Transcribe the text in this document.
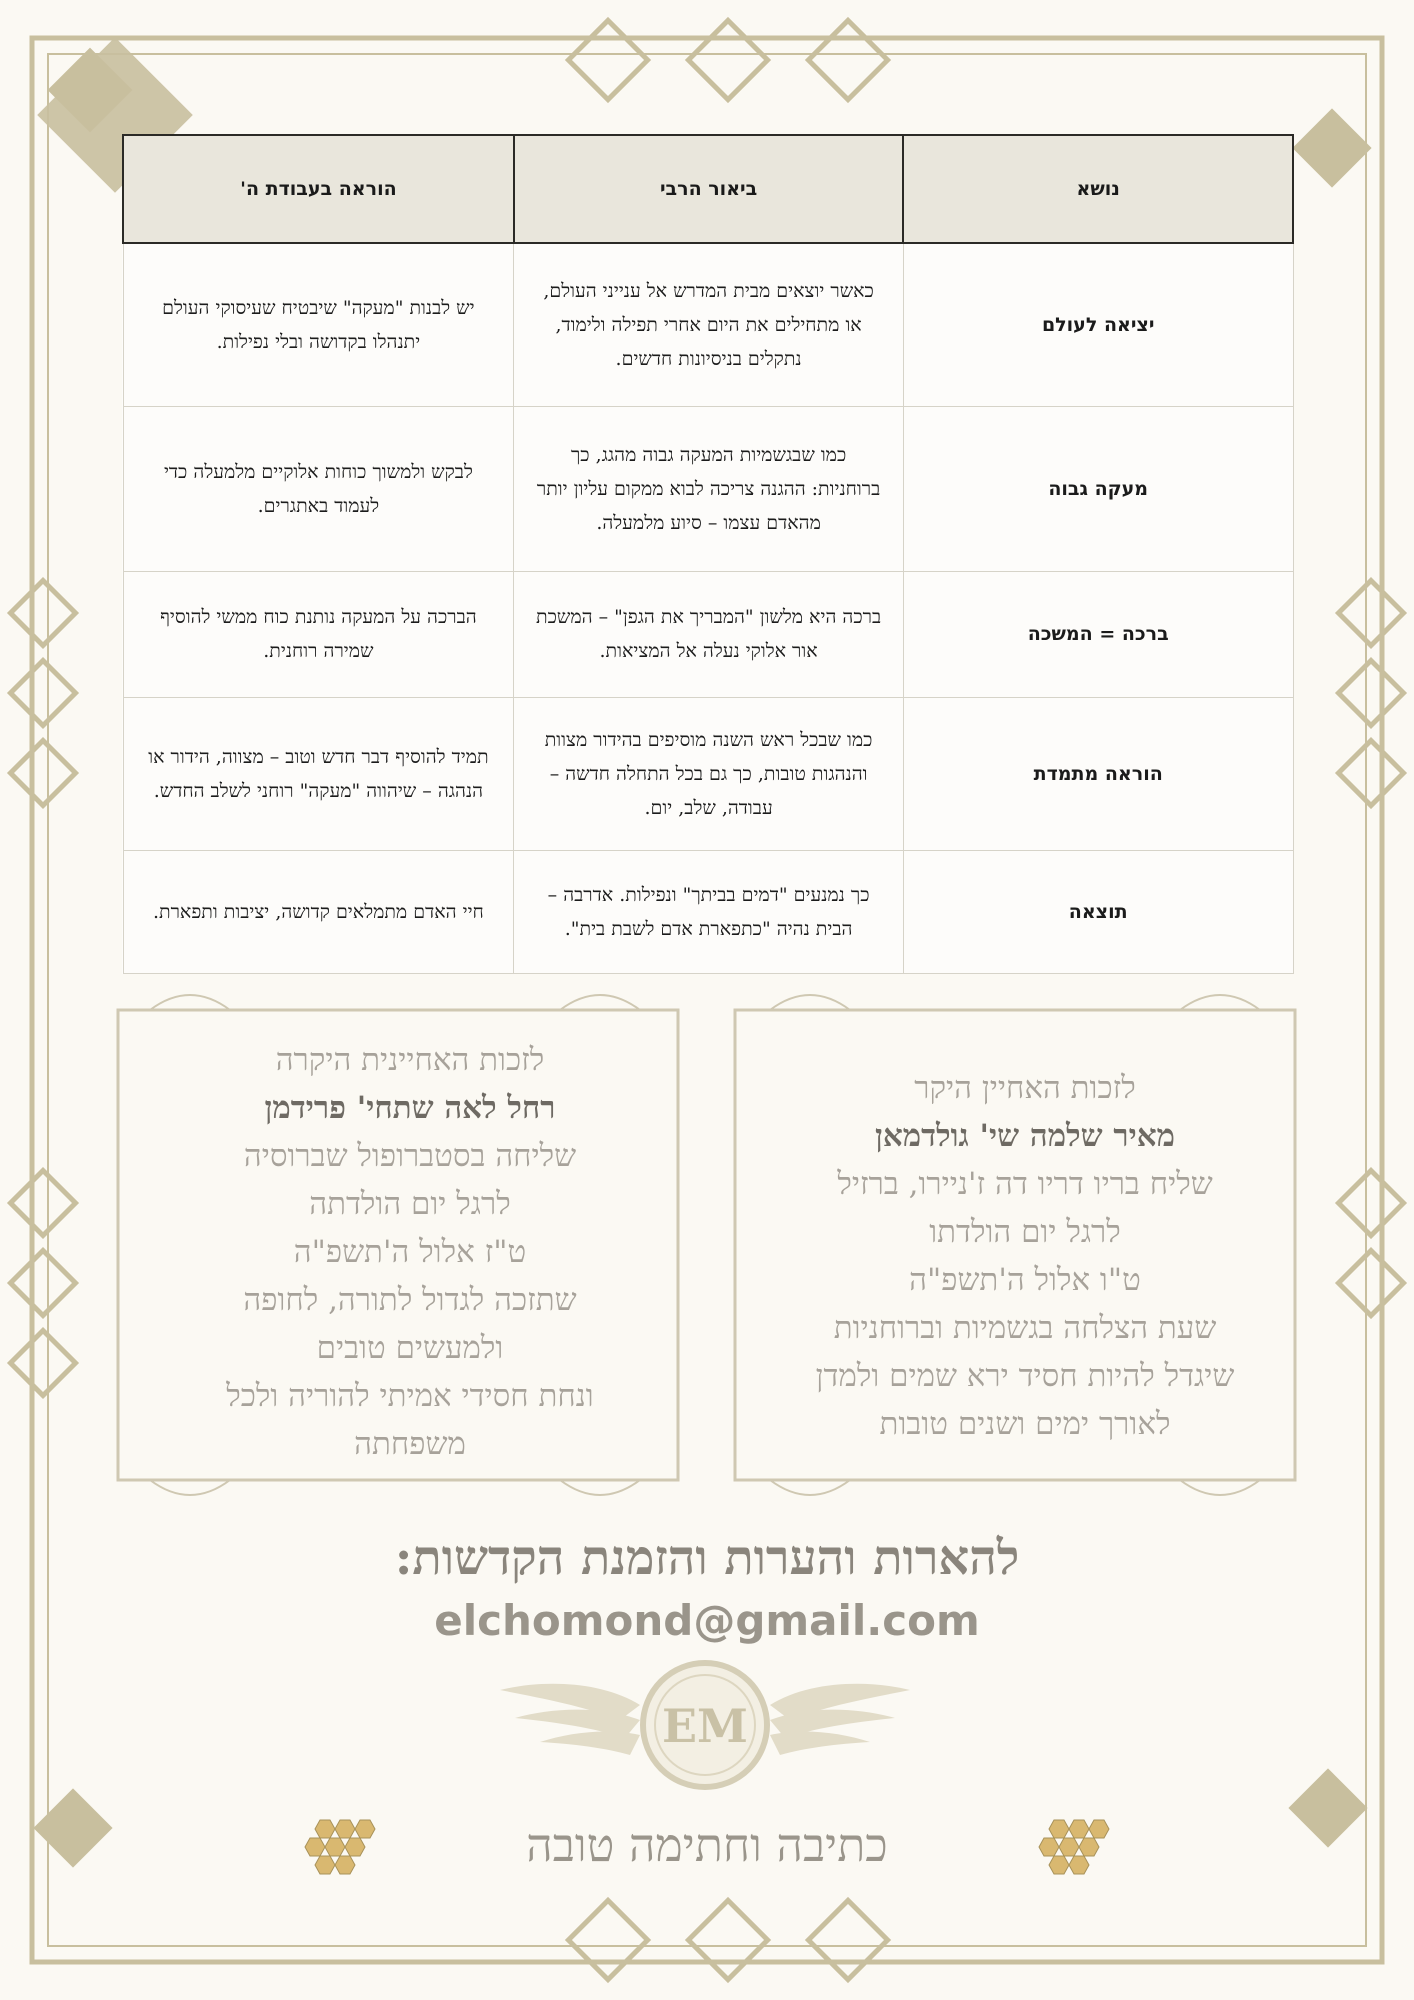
נושא	ביאור הרבי	הוראה בעבודת ה'
יציאה לעולם	כאשר יוצאים מבית המדרש אל ענייני העולם, או מתחילים את היום אחרי תפילה ולימוד, נתקלים בניסיונות חדשים.	יש לבנות "מעקה" שיבטיח שעיסוקי העולם יתנהלו בקדושה ובלי נפילות.
מעקה גבוה	כמו שבגשמיות המעקה גבוה מהגג, כך ברוחניות: ההגנה צריכה לבוא ממקום עליון יותר מהאדם עצמו – סיוע מלמעלה.	לבקש ולמשוך כוחות אלוקיים מלמעלה כדי לעמוד באתגרים.
ברכה = המשכה	ברכה היא מלשון "המבריך את הגפן" – המשכת אור אלוקי נעלה אל המציאות.	הברכה על המעקה נותנת כוח ממשי להוסיף שמירה רוחנית.
הוראה מתמדת	כמו שבכל ראש השנה מוסיפים בהידור מצוות והנהגות טובות, כך גם בכל התחלה חדשה – עבודה, שלב, יום.	תמיד להוסיף דבר חדש וטוב – מצווה, הידור או הנהגה – שיהווה "מעקה" רוחני לשלב החדש.
תוצאה	כך נמנעים "דמים בביתך" ונפילות. אדרבה – הבית נהיה "כתפארת אדם לשבת בית".	חיי האדם מתמלאים קדושה, יציבות ותפארת.
לזכות האחיינית היקרה
רחל לאה שתחי' פרידמן
שליחה בסטברופול שברוסיה
לרגל יום הולדתה
ט"ז אלול ה'תשפ"ה
שתזכה לגדול לתורה, לחופה
ולמעשים טובים
ונחת חסידי אמיתי להוריה ולכל
משפחתה
לזכות האחיין היקר
מאיר שלמה שי' גולדמאן
שליח בריו דריו דה ז'ניירו, ברזיל
לרגל יום הולדתו
ט"ו אלול ה'תשפ"ה
שעת הצלחה בגשמיות וברוחניות
שיגדל להיות חסיד ירא שמים ולמדן
לאורך ימים ושנים טובות
להארות והערות והזמנת הקדשות:
elchomond@gmail.com
EM
כתיבה וחתימה טובה
